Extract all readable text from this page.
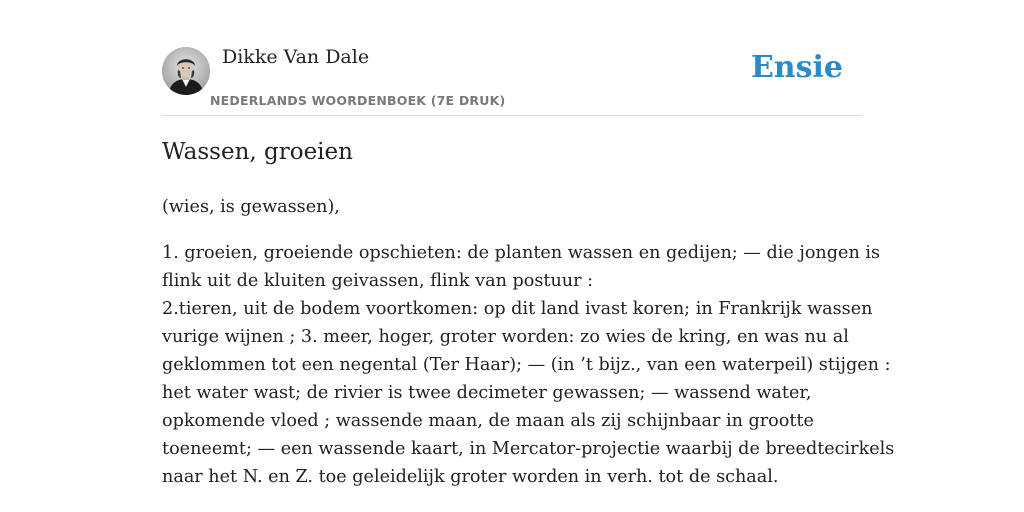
Dikke Van Dale
NEDERLANDS WOORDENBOEK (7E DRUK)
Ensie
Wassen, groeien

(wies, is gewassen),

1. groeien, groeiende opschieten: de planten wassen en gedijen; — die jongen is
flink uit de kluiten geivassen, flink van postuur :
2.tieren, uit de bodem voortkomen: op dit land ivast koren; in Frankrijk wassen
vurige wijnen ; 3. meer, hoger, groter worden: zo wies de kring, en was nu al
geklommen tot een negental (Ter Haar); — (in ’t bijz., van een waterpeil) stijgen :
het water wast; de rivier is twee decimeter gewassen; — wassend water,
opkomende vloed ; wassende maan, de maan als zij schijnbaar in grootte
toeneemt; — een wassende kaart, in Mercator-projectie waarbij de breedtecirkels
naar het N. en Z. toe geleidelijk groter worden in verh. tot de schaal.
